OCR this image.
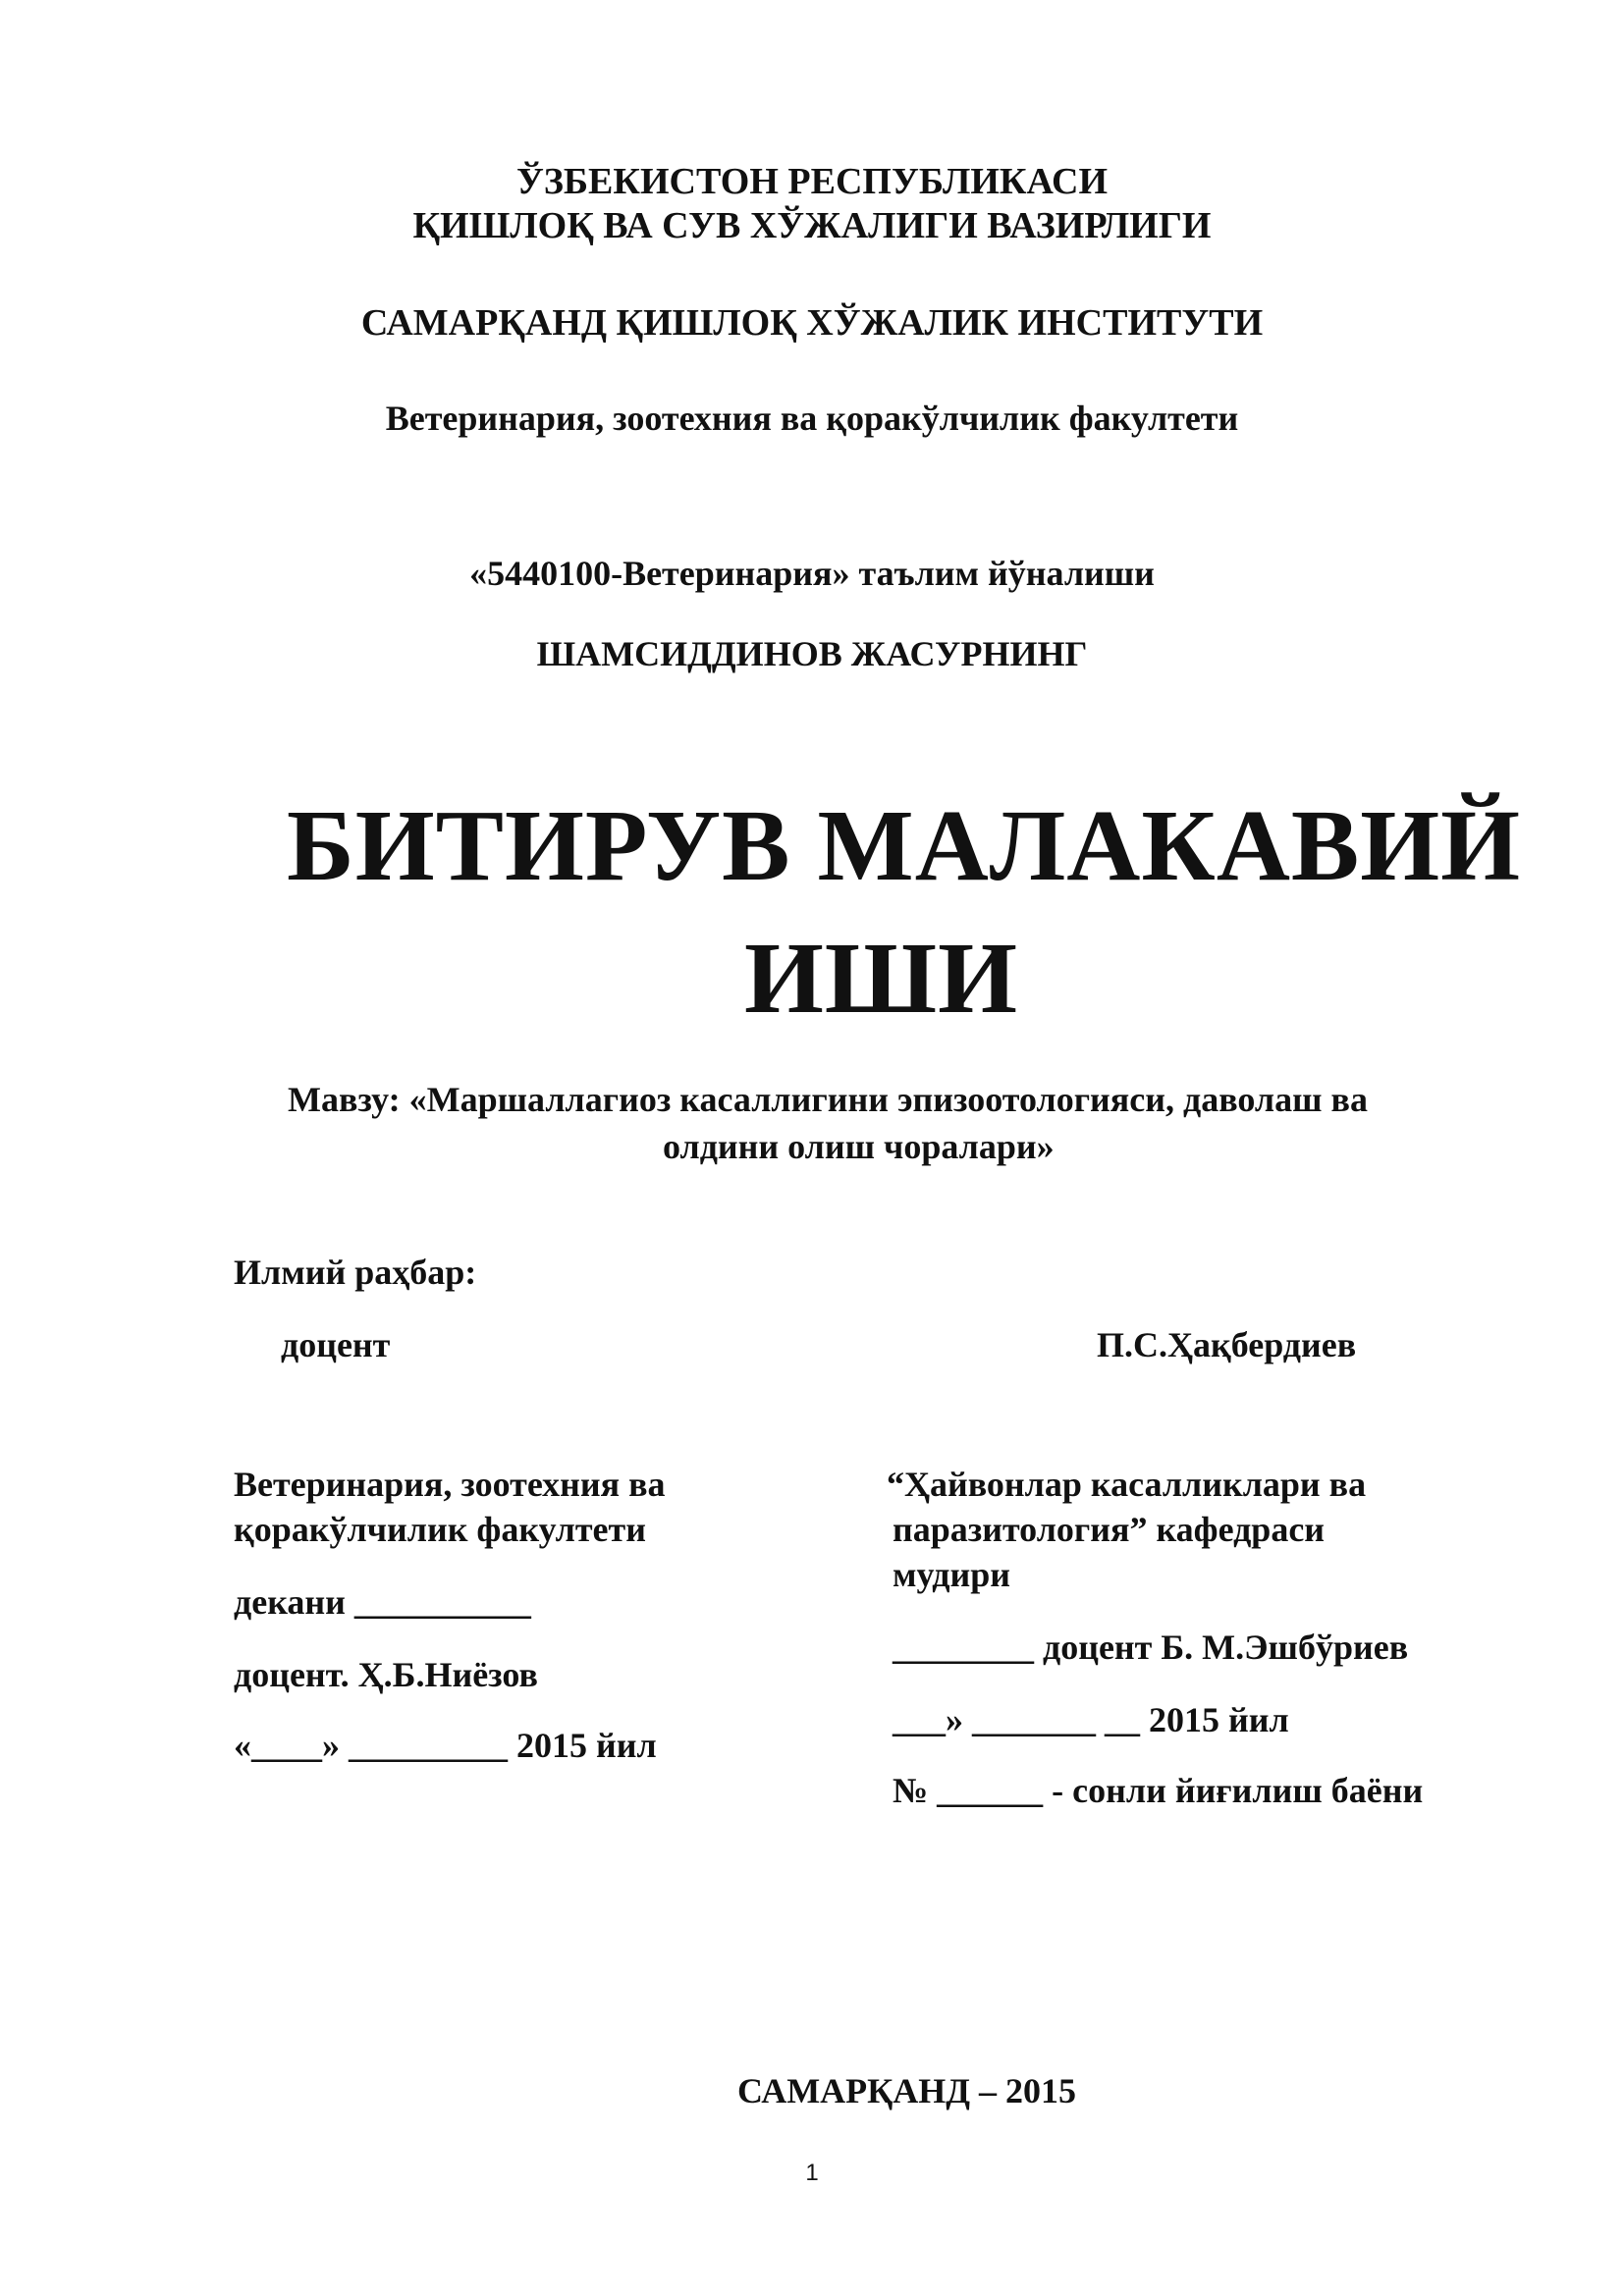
ЎЗБЕКИСТОН РЕСПУБЛИКАСИ
ҚИШЛОҚ ВА СУВ ХЎЖАЛИГИ ВАЗИРЛИГИ
САМАРҚАНД ҚИШЛОҚ ХЎЖАЛИК ИНСТИТУТИ
Ветеринария, зоотехния ва қоракўлчилик факултети
«5440100-Ветеринария» таълим йўналиши
ШАМСИДДИНОВ ЖАСУРНИНГ
БИТИРУВ МАЛАКАВИЙ
ИШИ
Мавзу: «Маршаллагиоз касаллигини эпизоотологияси, даволаш ва
олдини олиш чоралари»
Илмий раҳбар:
доцент	П.С.Ҳақбердиев
Ветеринария, зоотехния ва
қоракўлчилик факултети
декани __________
доцент. Ҳ.Б.Ниёзов
«____» _________ 2015 йил
“Ҳайвонлар касалликлари ва
паразитология” кафедраси
мудири
________ доцент Б. М.Эшбўриев
___» _______ __ 2015 йил
№ ______ - сонли йиғилиш баёни
САМАРҚАНД – 2015
1
